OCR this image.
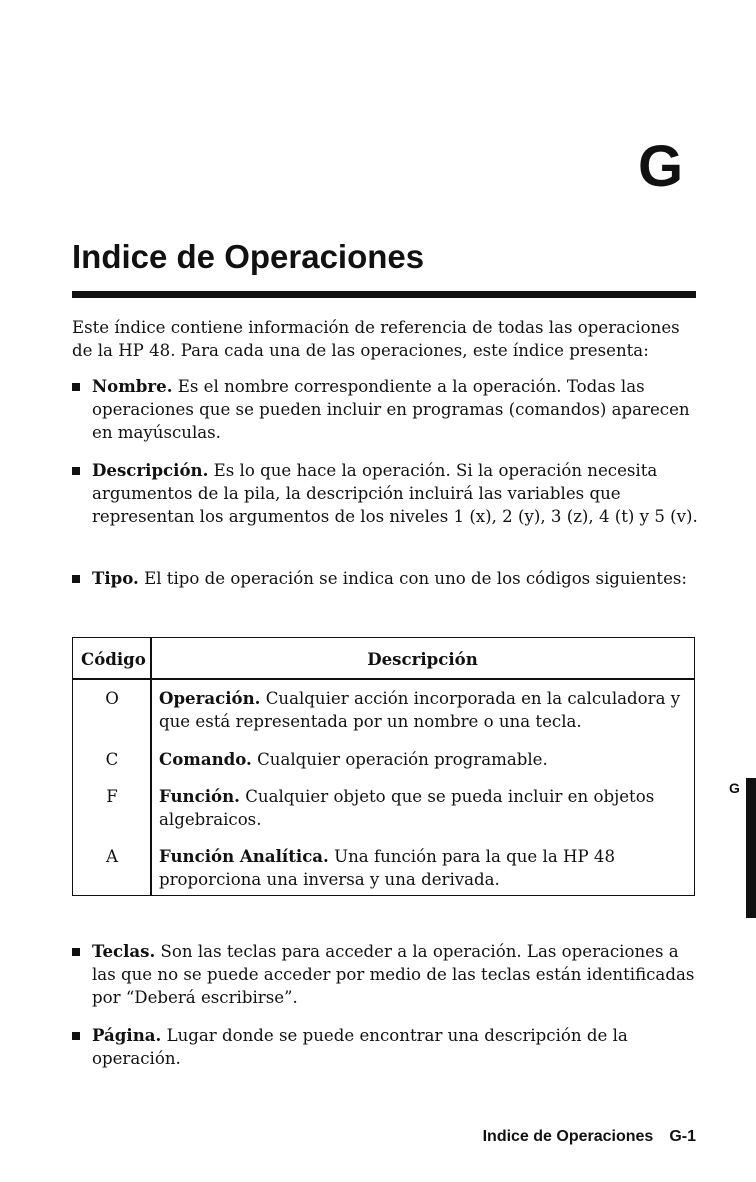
G
Indice de Operaciones

Este índice contiene información de referencia de todas las operaciones de la HP 48. Para cada una de las operaciones, este índice presenta:

Nombre. Es el nombre correspondiente a la operación. Todas las operaciones que se pueden incluir en programas (comandos) aparecen en mayúsculas.
Descripción. Es lo que hace la operación. Si la operación necesita argumentos de la pila, la descripción incluirá las variables que representan los argumentos de los niveles 1 (x), 2 (y), 3 (z), 4 (t) y 5 (v).
Tipo. El tipo de operación se indica con uno de los códigos siguientes:
Código	Descripción
O	Operación. Cualquier acción incorporada en la calculadora y que está representada por un nombre o una tecla.
C	Comando. Cualquier operación programable.
F	Función. Cualquier objeto que se pueda incluir en objetos algebraicos.
A	Función Analítica. Una función para la que la HP 48 proporciona una inversa y una derivada.
Teclas. Son las teclas para acceder a la operación. Las operaciones a las que no se puede acceder por medio de las teclas están identificadas por “Deberá escribirse”.
Página. Lugar donde se puede encontrar una descripción de la operación.
G
Indice de Operaciones G-1
